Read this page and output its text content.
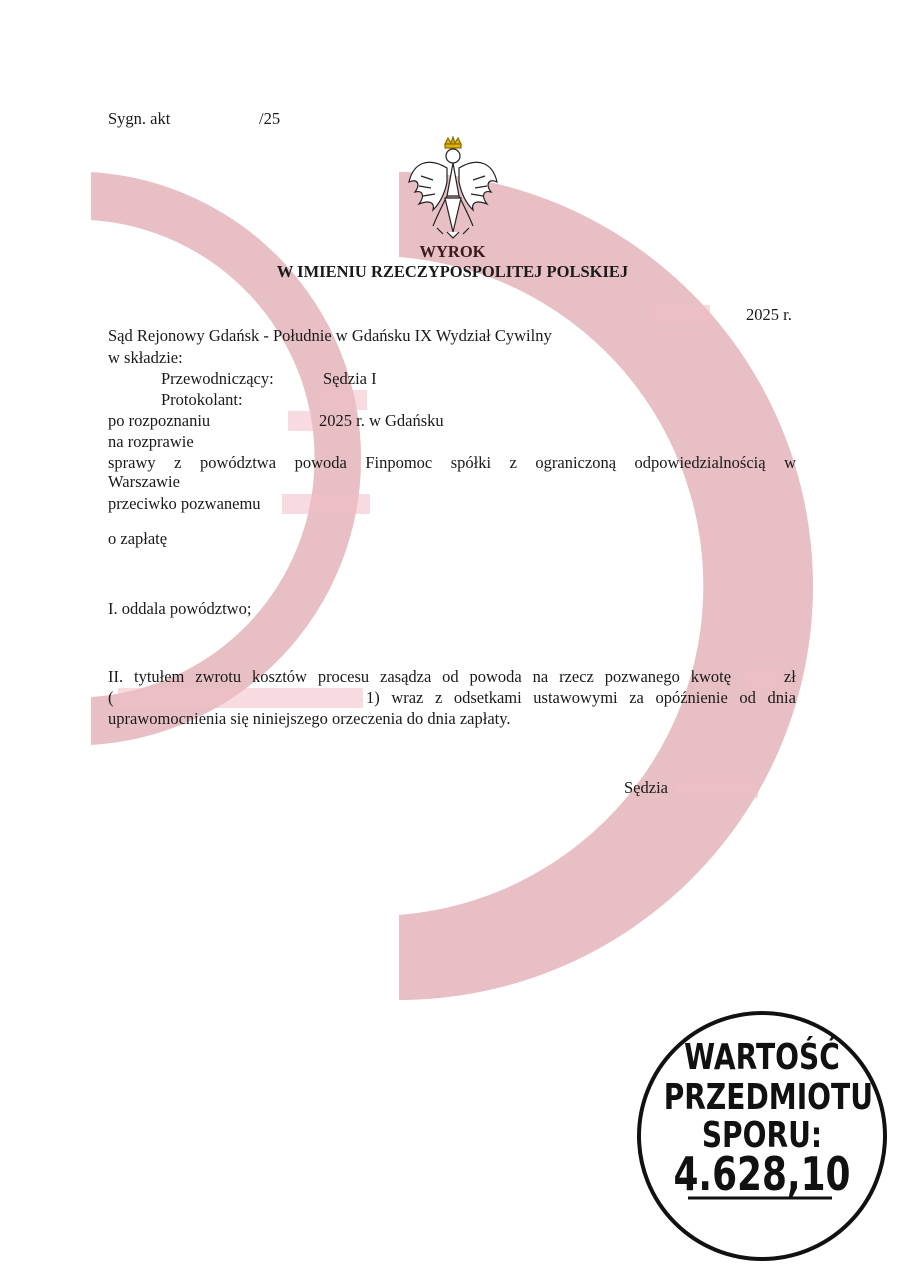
Sygn. akt	/25
WYROK
W IMIENIU RZECZYPOSPOLITEJ POLSKIEJ
2025 r.
Sąd Rejonowy Gdańsk - Południe w Gdańsku IX Wydział Cywilny
w składzie:
Przewodniczący:	Sędzia I
Protokolant:
po rozpoznaniu	2025 r. w Gdańsku
na rozprawie
sprawy z powództwa powoda Finpomoc spółki z ograniczoną odpowiedzialnością w
Warszawie
przeciwko pozwanemu
o zapłatę
I. oddala powództwo;
II. tytułem zwrotu kosztów procesu zasądza od powoda na rzecz pozwanego kwotę	zł
(	1) wraz z odsetkami ustawowymi za opóźnienie od dnia
uprawomocnienia się niniejszego orzeczenia do dnia zapłaty.
Sędzia
WARTOŚĆ
PRZEDMIOTU
SPORU:
4.628,10
